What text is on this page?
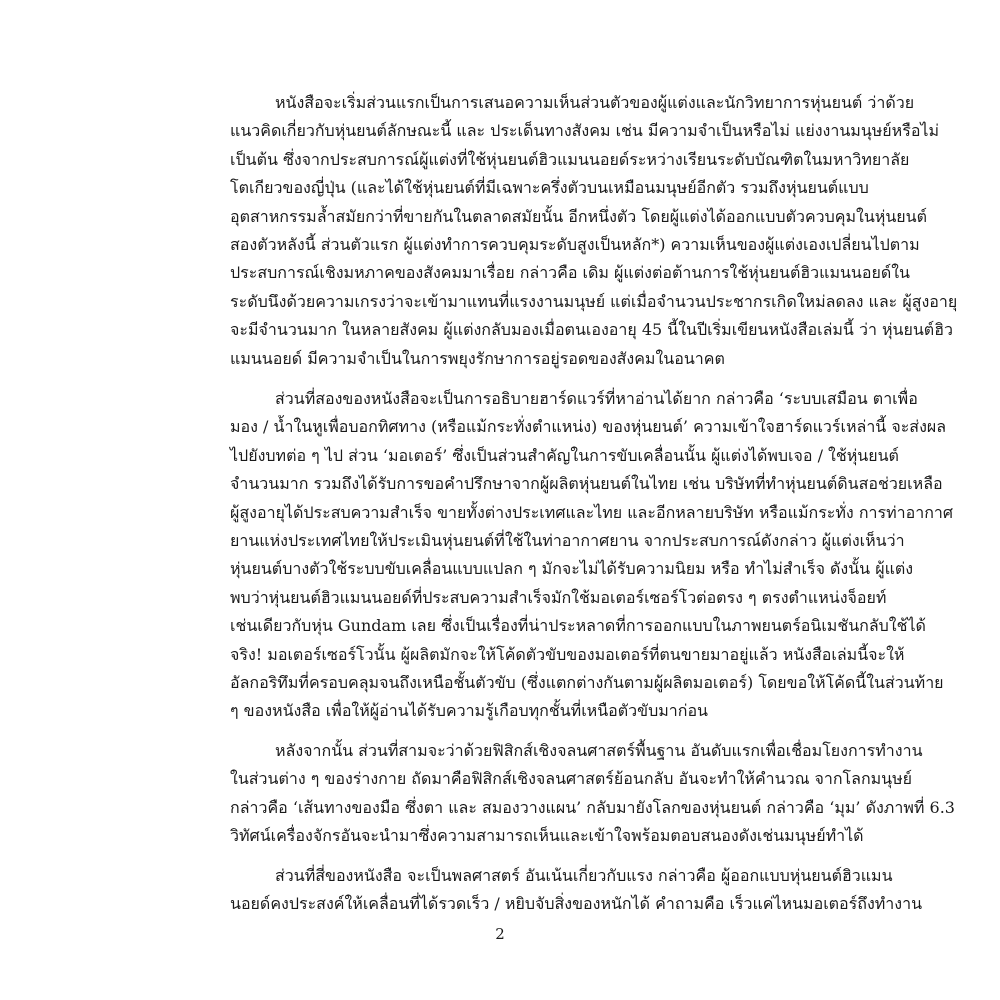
หนังสือจะเริ่มส่วนแรกเป็นการเสนอความเห็นส่วนตัวของผู้แต่งและนักวิทยาการหุ่นยนต์ ว่าด้วย
แนวคิดเกี่ยวกับหุ่นยนต์ลักษณะนี้ และ ประเด็นทางสังคม เช่น มีความจำเป็นหรือไม่ แย่งงานมนุษย์หรือไม่
เป็นต้น ซึ่งจากประสบการณ์ผู้แต่งที่ใช้หุ่นยนต์ฮิวแมนนอยด์ระหว่างเรียนระดับบัณฑิตในมหาวิทยาลัย
โตเกียวของญี่ปุ่น (และได้ใช้หุ่นยนต์ที่มีเฉพาะครึ่งตัวบนเหมือนมนุษย์อีกตัว รวมถึงหุ่นยนต์แบบ
อุตสาหกรรมล้ำสมัยกว่าที่ขายกันในตลาดสมัยนั้น อีกหนึ่งตัว โดยผู้แต่งได้ออกแบบตัวควบคุมในหุ่นยนต์
สองตัวหลังนี้ ส่วนตัวแรก ผู้แต่งทำการควบคุมระดับสูงเป็นหลัก*) ความเห็นของผู้แต่งเองเปลี่ยนไปตาม
ประสบการณ์เชิงมหภาคของสังคมมาเรื่อย กล่าวคือ เดิม ผู้แต่งต่อต้านการใช้หุ่นยนต์ฮิวแมนนอยด์ใน
ระดับนึงด้วยความเกรงว่าจะเข้ามาแทนที่แรงงานมนุษย์ แต่เมื่อจำนวนประชากรเกิดใหม่ลดลง และ ผู้สูงอายุ
จะมีจำนวนมาก ในหลายสังคม ผู้แต่งกลับมองเมื่อตนเองอายุ 45 นี้ในปีเริ่มเขียนหนังสือเล่มนี้ ว่า หุ่นยนต์ฮิว
แมนนอยด์ มีความจำเป็นในการพยุงรักษาการอยู่รอดของสังคมในอนาคต
ส่วนที่สองของหนังสือจะเป็นการอธิบายฮาร์ดแวร์ที่หาอ่านได้ยาก กล่าวคือ ‘ระบบเสมือน ตาเพื่อ
มอง / น้ำในหูเพื่อบอกทิศทาง (หรือแม้กระทั่งตำแหน่ง) ของหุ่นยนต์’ ความเข้าใจฮาร์ดแวร์เหล่านี้ จะส่งผล
ไปยังบทต่อ ๆ ไป ส่วน ‘มอเตอร์’ ซึ่งเป็นส่วนสำคัญในการขับเคลื่อนนั้น ผู้แต่งได้พบเจอ / ใช้หุ่นยนต์
จำนวนมาก รวมถึงได้รับการขอคำปรึกษาจากผู้ผลิตหุ่นยนต์ในไทย เช่น บริษัทที่ทำหุ่นยนต์ดินสอช่วยเหลือ
ผู้สูงอายุได้ประสบความสำเร็จ ขายทั้งต่างประเทศและไทย และอีกหลายบริษัท หรือแม้กระทั่ง การท่าอากาศ
ยานแห่งประเทศไทยให้ประเมินหุ่นยนต์ที่ใช้ในท่าอากาศยาน จากประสบการณ์ดังกล่าว ผู้แต่งเห็นว่า
หุ่นยนต์บางตัวใช้ระบบขับเคลื่อนแบบแปลก ๆ มักจะไม่ได้รับความนิยม หรือ ทำไม่สำเร็จ ดังนั้น ผู้แต่ง
พบว่าหุ่นยนต์ฮิวแมนนอยด์ที่ประสบความสำเร็จมักใช้มอเตอร์เซอร์โวต่อตรง ๆ ตรงตำแหน่งจ็อยท์
เช่นเดียวกับหุ่น Gundam เลย ซึ่งเป็นเรื่องที่น่าประหลาดที่การออกแบบในภาพยนตร์อนิเมชันกลับใช้ได้
จริง! มอเตอร์เซอร์โวนั้น ผู้ผลิตมักจะให้โค้ดตัวขับของมอเตอร์ที่ตนขายมาอยู่แล้ว หนังสือเล่มนี้จะให้
อัลกอริทึมที่ครอบคลุมจนถึงเหนือชั้นตัวขับ (ซึ่งแตกต่างกันตามผู้ผลิตมอเตอร์) โดยขอให้โค้ดนี้ในส่วนท้าย
ๆ ของหนังสือ เพื่อให้ผู้อ่านได้รับความรู้เกือบทุกชั้นที่เหนือตัวขับมาก่อน
หลังจากนั้น ส่วนที่สามจะว่าด้วยฟิสิกส์เชิงจลนศาสตร์พื้นฐาน อันดับแรกเพื่อเชื่อมโยงการทำงาน
ในส่วนต่าง ๆ ของร่างกาย ถัดมาคือฟิสิกส์เชิงจลนศาสตร์ย้อนกลับ อันจะทำให้คำนวณ จากโลกมนุษย์
กล่าวคือ ‘เส้นทางของมือ ซึ่งตา และ สมองวางแผน’ กลับมายังโลกของหุ่นยนต์ กล่าวคือ ‘มุม’ ดังภาพที่ 6.3
วิทัศน์เครื่องจักรอันจะนำมาซึ่งความสามารถเห็นและเข้าใจพร้อมตอบสนองดังเช่นมนุษย์ทำได้
ส่วนที่สี่ของหนังสือ จะเป็นพลศาสตร์ อันเน้นเกี่ยวกับแรง กล่าวคือ ผู้ออกแบบหุ่นยนต์ฮิวแมน
นอยด์คงประสงค์ให้เคลื่อนที่ได้รวดเร็ว / หยิบจับสิ่งของหนักได้ คำถามคือ เร็วแค่ไหนมอเตอร์ถึงทำงาน
2
